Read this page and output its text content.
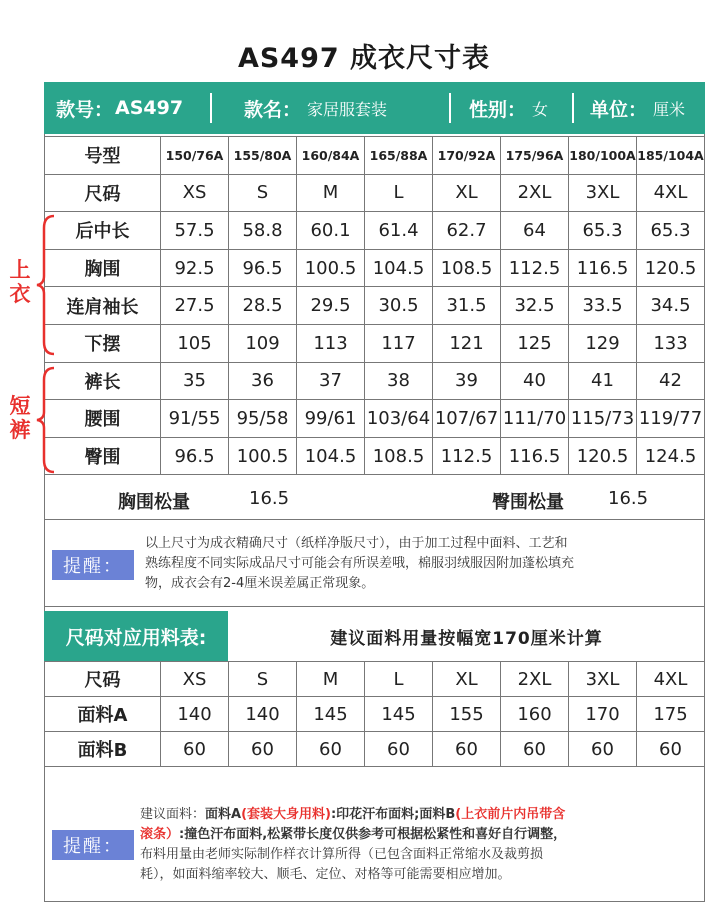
AS497 成衣尺寸表
款号： AS497	款名： 家居服套装	性别： 女 单位： 厘米
号型	150/76A	155/80A	160/84A	165/88A	170/92A	175/96A	180/100A	185/104A
尺码	XS	S	M	L	XL	2XL	3XL	4XL
后中长	57.5	58.8	60.1	61.4	62.7	64	65.3	65.3
胸围	92.5	96.5	100.5	104.5	108.5	112.5	116.5	120.5
连肩袖长	27.5	28.5	29.5	30.5	31.5	32.5	33.5	34.5
下摆	105	109	113	117	121	125	129	133
裤长	35	36	37	38	39	40	41	42
腰围	91/55	95/58	99/61	103/64	107/67	111/70	115/73	119/77
臀围	96.5	100.5	104.5	108.5	112.5	116.5	120.5	124.5
上
衣
短
裤
胸围松量	16.5	臀围松量 16.5
提醒：
以上尺寸为成衣精确尺寸（纸样净版尺寸），由于加工过程中面料、工艺和
熟练程度不同实际成品尺寸可能会有所误差哦，棉服羽绒服因附加蓬松填充
物，成衣会有2-4厘米误差属正常现象。
尺码对应用料表:	建议面料用量按幅宽170厘米计算
尺码	XS	S	M	L	XL	2XL	3XL	4XL
面料A	140	140	145	145	155	160	170	175
面料B	60	60	60	60	60	60	60	60
提醒：
建议面料：面料A(套装大身用料):印花汗布面料;面料B(上衣前片内吊带含
滚条）:撞色汗布面料,松紧带长度仅供参考可根据松紧性和喜好自行调整，
布料用量由老师实际制作样衣计算所得（已包含面料正常缩水及裁剪损
耗），如面料缩率较大、顺毛、定位、对格等可能需要相应增加。
